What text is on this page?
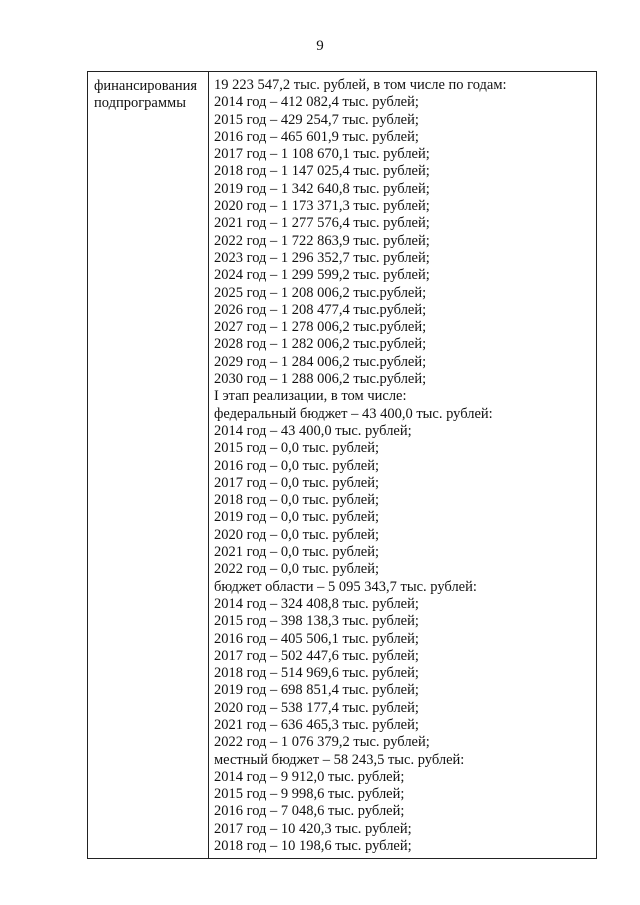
9
финансирования
подпрограммы
19 223 547,2 тыс. рублей, в том числе по годам:
2014 год – 412 082,4 тыс. рублей;
2015 год – 429 254,7 тыс. рублей;
2016 год – 465 601,9 тыс. рублей;
2017 год – 1 108 670,1 тыс. рублей;
2018 год – 1 147 025,4 тыс. рублей;
2019 год – 1 342 640,8 тыс. рублей;
2020 год – 1 173 371,3 тыс. рублей;
2021 год – 1 277 576,4 тыс. рублей;
2022 год – 1 722 863,9 тыс. рублей;
2023 год – 1 296 352,7 тыс. рублей;
2024 год – 1 299 599,2 тыс. рублей;
2025 год – 1 208 006,2 тыс.рублей;
2026 год – 1 208 477,4 тыс.рублей;
2027 год – 1 278 006,2 тыс.рублей;
2028 год – 1 282 006,2 тыс.рублей;
2029 год – 1 284 006,2 тыс.рублей;
2030 год – 1 288 006,2 тыс.рублей;
I этап реализации, в том числе:
федеральный бюджет – 43 400,0 тыс. рублей:
2014 год – 43 400,0 тыс. рублей;
2015 год – 0,0 тыс. рублей;
2016 год – 0,0 тыс. рублей;
2017 год – 0,0 тыс. рублей;
2018 год – 0,0 тыс. рублей;
2019 год – 0,0 тыс. рублей;
2020 год – 0,0 тыс. рублей;
2021 год – 0,0 тыс. рублей;
2022 год – 0,0 тыс. рублей;
бюджет области – 5 095 343,7 тыс. рублей:
2014 год – 324 408,8 тыс. рублей;
2015 год – 398 138,3 тыс. рублей;
2016 год – 405 506,1 тыс. рублей;
2017 год – 502 447,6 тыс. рублей;
2018 год – 514 969,6 тыс. рублей;
2019 год – 698 851,4 тыс. рублей;
2020 год – 538 177,4 тыс. рублей;
2021 год – 636 465,3 тыс. рублей;
2022 год – 1 076 379,2 тыс. рублей;
местный бюджет – 58 243,5 тыс. рублей:
2014 год – 9 912,0 тыс. рублей;
2015 год – 9 998,6 тыс. рублей;
2016 год – 7 048,6 тыс. рублей;
2017 год – 10 420,3 тыс. рублей;
2018 год – 10 198,6 тыс. рублей;
